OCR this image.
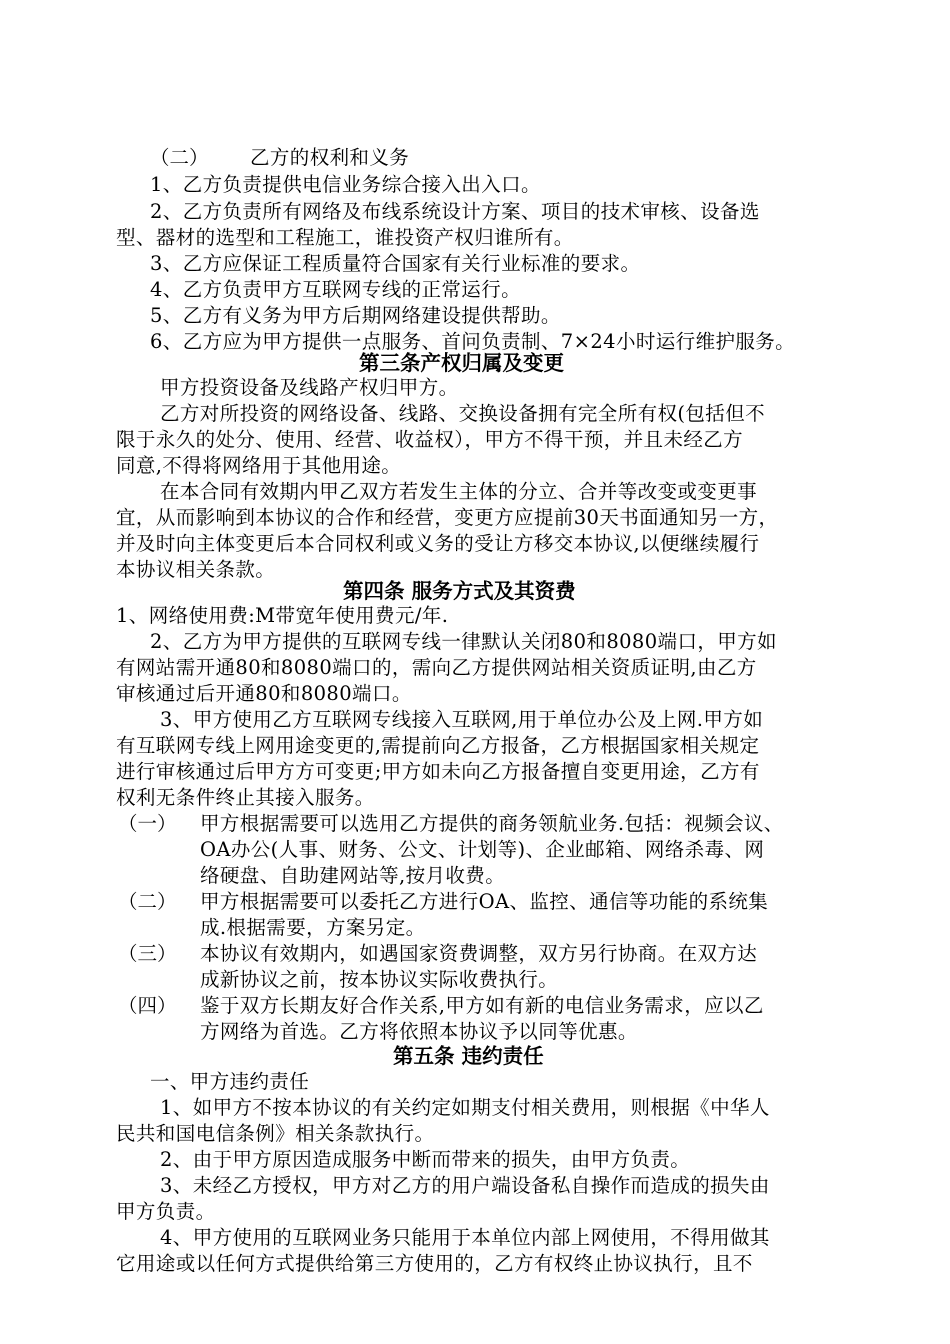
（二） 乙方的权利和义务
1、乙方负责提供电信业务综合接入出入口。
2、乙方负责所有网络及布线系统设计方案、项目的技术审核、设备选
型、器材的选型和工程施工，谁投资产权归谁所有。
3、乙方应保证工程质量符合国家有关行业标准的要求。
4、乙方负责甲方互联网专线的正常运行。
5、乙方有义务为甲方后期网络建设提供帮助。
6、乙方应为甲方提供一点服务、首问负责制、7×24小时运行维护服务。
第三条产权归属及变更
甲方投资设备及线路产权归甲方。
乙方对所投资的网络设备、线路、交换设备拥有完全所有权(包括但不
限于永久的处分、使用、经营、收益权），甲方不得干预，并且未经乙方
同意,不得将网络用于其他用途。
在本合同有效期内甲乙双方若发生主体的分立、合并等改变或变更事
宜，从而影响到本协议的合作和经营，变更方应提前30天书面通知另一方，
并及时向主体变更后本合同权利或义务的受让方移交本协议,以便继续履行
本协议相关条款。
第四条 服务方式及其资费
1、网络使用费:M带宽年使用费元/年.
2、乙方为甲方提供的互联网专线一律默认关闭80和8080端口，甲方如
有网站需开通80和8080端口的，需向乙方提供网站相关资质证明,由乙方
审核通过后开通80和8080端口。
3、甲方使用乙方互联网专线接入互联网,用于单位办公及上网.甲方如
有互联网专线上网用途变更的,需提前向乙方报备，乙方根据国家相关规定
进行审核通过后甲方方可变更;甲方如未向乙方报备擅自变更用途，乙方有
权利无条件终止其接入服务。
（一） 甲方根据需要可以选用乙方提供的商务领航业务.包括：视频会议、
OA办公(人事、财务、公文、计划等)、企业邮箱、网络杀毒、网
络硬盘、自助建网站等,按月收费。
（二） 甲方根据需要可以委托乙方进行OA、监控、通信等功能的系统集
成.根据需要，方案另定。
（三） 本协议有效期内，如遇国家资费调整，双方另行协商。在双方达
成新协议之前，按本协议实际收费执行。
（四） 鉴于双方长期友好合作关系,甲方如有新的电信业务需求，应以乙
方网络为首选。乙方将依照本协议予以同等优惠。
第五条 违约责任
一、甲方违约责任
1、如甲方不按本协议的有关约定如期支付相关费用，则根据《中华人
民共和国电信条例》相关条款执行。
2、由于甲方原因造成服务中断而带来的损失，由甲方负责。
3、未经乙方授权，甲方对乙方的用户端设备私自操作而造成的损失由
甲方负责。
4、甲方使用的互联网业务只能用于本单位内部上网使用，不得用做其
它用途或以任何方式提供给第三方使用的，乙方有权终止协议执行，且不
